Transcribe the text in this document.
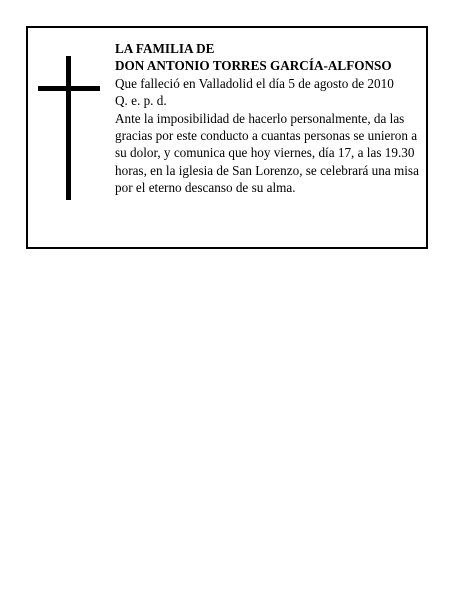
LA FAMILIA DE
DON ANTONIO TORRES GARCÍA-ALFONSO
Que falleció en Valladolid el día 5 de agosto de 2010
Q. e. p. d.
Ante la imposibilidad de hacerlo personalmente, da las gracias por este conducto a cuantas personas se unieron a su dolor, y comunica que hoy viernes, día 17, a las 19.30 horas, en la iglesia de San Lorenzo, se celebrará una misa por el eterno descanso de su alma.
